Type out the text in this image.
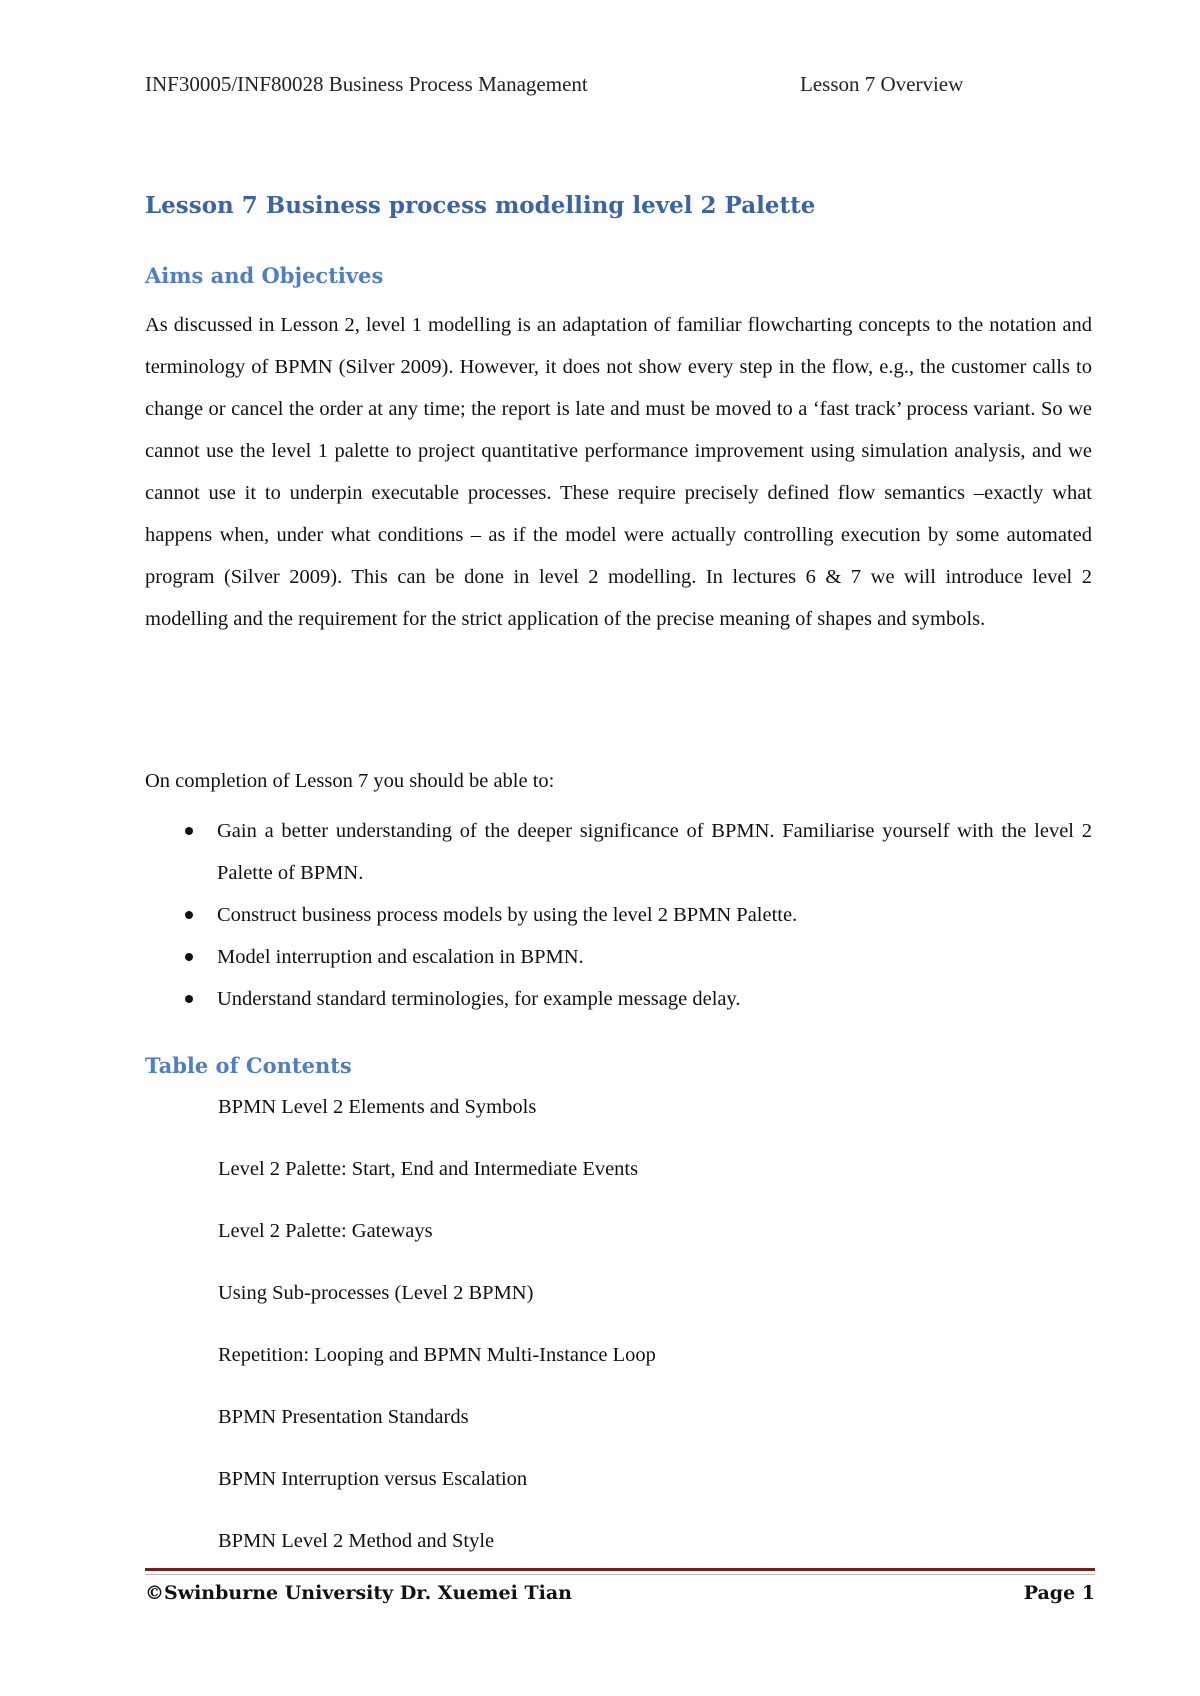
INF30005/INF80028 Business Process Management	Lesson 7 Overview
Lesson 7 Business process modelling level 2 Palette
Aims and Objectives

As discussed in Lesson 2, level 1 modelling is an adaptation of familiar flowcharting concepts to the notation and terminology of BPMN (Silver 2009). However, it does not show every step in the flow, e.g., the customer calls to change or cancel the order at any time; the report is late and must be moved to a ‘fast track’ process variant. So we cannot use the level 1 palette to project quantitative performance improvement using simulation analysis, and we cannot use it to underpin executable processes. These require precisely defined flow semantics –exactly what happens when, under what conditions – as if the model were actually controlling execution by some automated program (Silver 2009). This can be done in level 2 modelling. In lectures 6 & 7 we will introduce level 2 modelling and the requirement for the strict application of the precise meaning of shapes and symbols.

On completion of Lesson 7 you should be able to:

Gain a better understanding of the deeper significance of BPMN. Familiarise yourself with the level 2 Palette of BPMN.
Construct business process models by using the level 2 BPMN Palette.
Model interruption and escalation in BPMN.
Understand standard terminologies, for example message delay.
Table of Contents
BPMN Level 2 Elements and Symbols
Level 2 Palette: Start, End and Intermediate Events
Level 2 Palette: Gateways
Using Sub-processes (Level 2 BPMN)
Repetition: Looping and BPMN Multi-Instance Loop
BPMN Presentation Standards
BPMN Interruption versus Escalation
BPMN Level 2 Method and Style
©Swinburne University Dr. Xuemei Tian	Page 1
